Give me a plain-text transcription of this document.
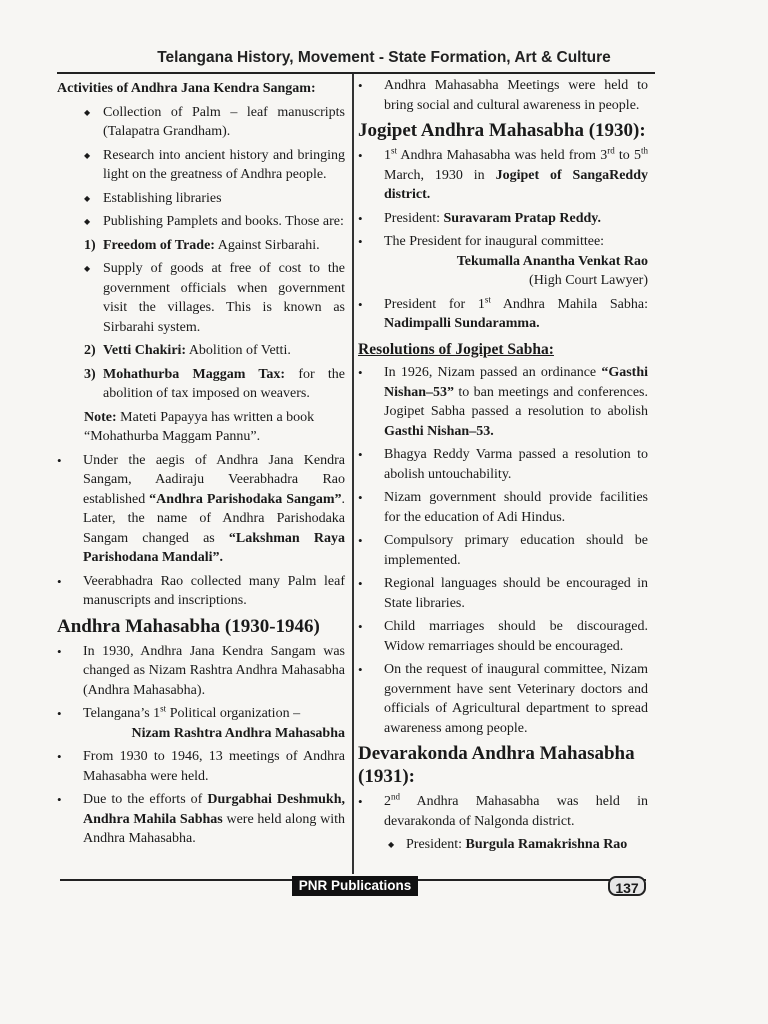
Telangana History, Movement - State Formation, Art & Culture
Activities of Andhra Jana Kendra Sangam:
◆ Collection of Palm – leaf manuscripts (Talapatra Grandham).
◆ Research into ancient history and bringing light on the greatness of Andhra people.
◆ Establishing libraries
◆ Publishing Pamplets and books. Those are:
1) Freedom of Trade: Against Sirbarahi.
◆ Supply of goods at free of cost to the government officials when government visit the villages. This is known as Sirbarahi system.
2) Vetti Chakiri: Abolition of Vetti.
3) Mohathurba Maggam Tax: for the abolition of tax imposed on weavers.
Note: Mateti Papayya has written a book “Mohathurba Maggam Pannu”.
• Under the aegis of Andhra Jana Kendra Sangam, Aadiraju Veerabhadra Rao established “Andhra Parishodaka Sangam”. Later, the name of Andhra Parishodaka Sangam changed as “Lakshman Raya Parishodana Mandali”.
• Veerabhadra Rao collected many Palm leaf manuscripts and inscriptions.
Andhra Mahasabha (1930-1946)
• In 1930, Andhra Jana Kendra Sangam was changed as Nizam Rashtra Andhra Mahasabha (Andhra Mahasabha).
• Telangana’s 1st Political organization –

Nizam Rashtra Andhra Mahasabha
• From 1930 to 1946, 13 meetings of Andhra Mahasabha were held.
• Due to the efforts of Durgabhai Deshmukh, Andhra Mahila Sabhas were held along with Andhra Mahasabha.
• Andhra Mahasabha Meetings were held to bring social and cultural awareness in people.
Jogipet Andhra Mahasabha (1930):
• 1st Andhra Mahasabha was held from 3rd to 5th March, 1930 in Jogipet of SangaReddy district.
• President: Suravaram Pratap Reddy.
• The President for inaugural committee:
Tekumalla Anantha Venkat Rao
(High Court Lawyer)
• President for 1st Andhra Mahila Sabha: Nadimpalli Sundaramma.
Resolutions of Jogipet Sabha:
• In 1926, Nizam passed an ordinance “Gasthi Nishan–53” to ban meetings and conferences. Jogipet Sabha passed a resolution to abolish Gasthi Nishan–53.
• Bhagya Reddy Varma passed a resolution to abolish untouchability.
• Nizam government should provide facilities for the education of Adi Hindus.
• Compulsory primary education should be implemented.
• Regional languages should be encouraged in State libraries.
• Child marriages should be discouraged. Widow remarriages should be encouraged.
• On the request of inaugural committee, Nizam government have sent Veterinary doctors and officials of Agricultural department to spread awareness among people.
Devarakonda Andhra Mahasabha (1931):
• 2nd Andhra Mahasabha was held in devarakonda of Nalgonda district.
◆ President: Burgula Ramakrishna Rao
PNR Publications	137
